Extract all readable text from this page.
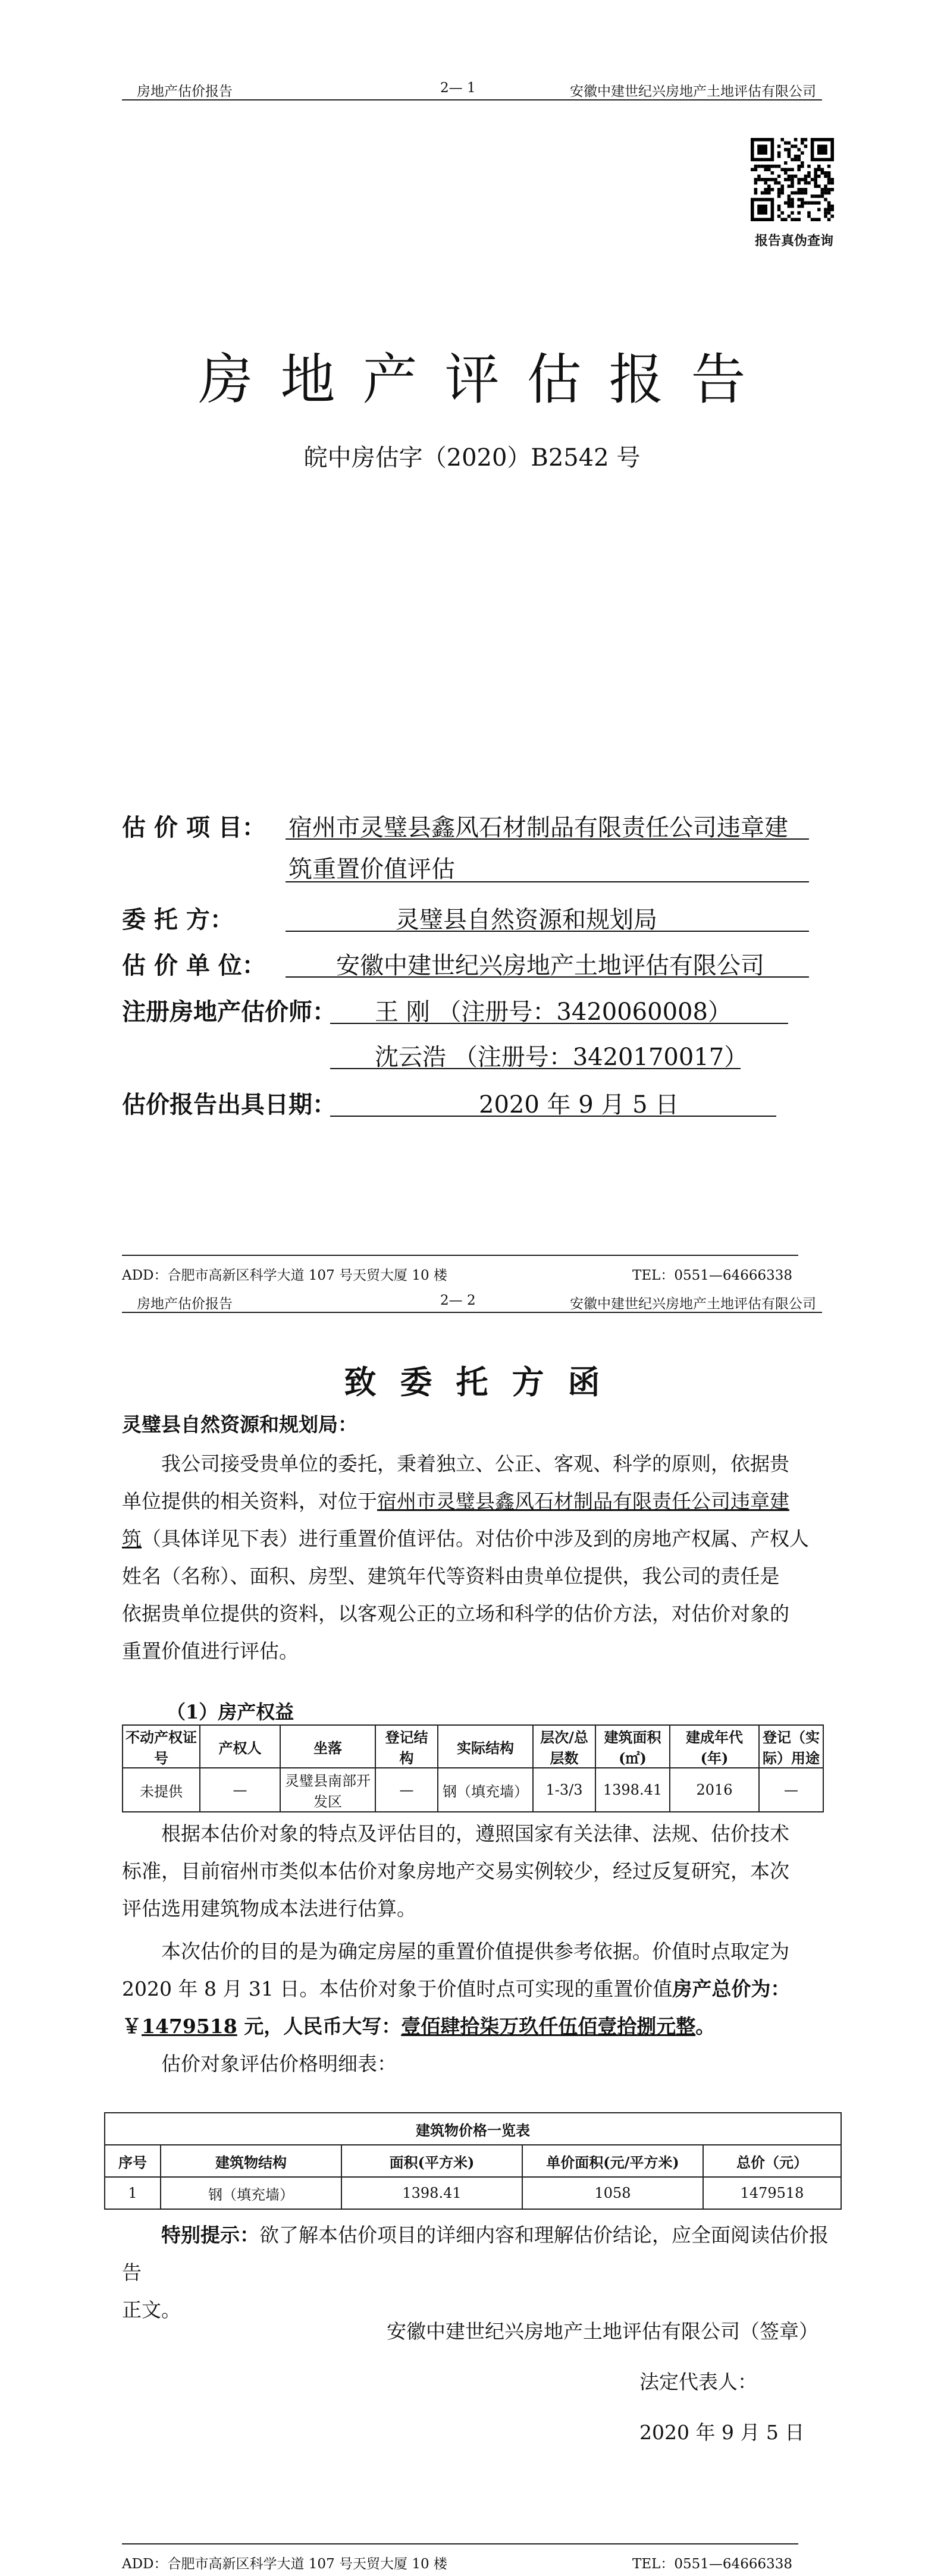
房地产估价报告	2— 1	安徽中建世纪兴房地产土地评估有限公司
报告真伪查询
房地产评估报告
皖中房估字（2020）B2542 号
估 价 项 目： 宿州市灵璧县鑫风石材制品有限责任公司违章建
筑重置价值评估
委 托 方：	灵璧县自然资源和规划局
估 价 单 位：	安徽中建世纪兴房地产土地评估有限公司
注册房地产估价师： 王 刚 （注册号：3420060008）
沈云浩 （注册号：3420170017）
估价报告出具日期：	2020 年 9 月 5 日
ADD：合肥市高新区科学大道 107 号天贸大厦 10 楼	TEL：0551—64666338
房地产估价报告	2— 2	安徽中建世纪兴房地产土地评估有限公司
致委托方函
灵璧县自然资源和规划局：
我公司接受贵单位的委托，秉着独立、公正、客观、科学的原则，依据贵
单位提供的相关资料，对位于宿州市灵璧县鑫风石材制品有限责任公司违章建
筑（具体详见下表）进行重置价值评估。对估价中涉及到的房地产权属、产权人
姓名（名称）、面积、房型、建筑年代等资料由贵单位提供，我公司的责任是
依据贵单位提供的资料，以客观公正的立场和科学的估价方法，对估价对象的
重置价值进行评估。
（1）房产权益
不动产权证号	产权人	坐落	登记结构	实际结构	层次/总层数	建筑面积(㎡)	建成年代(年)	登记（实际）用途
未提供	—	灵璧县南部开发区	—	钢（填充墙）	1-3/3	1398.41	2016	—
根据本估价对象的特点及评估目的，遵照国家有关法律、法规、估价技术
标准，目前宿州市类似本估价对象房地产交易实例较少，经过反复研究，本次
评估选用建筑物成本法进行估算。
本次估价的目的是为确定房屋的重置价值提供参考依据。价值时点取定为
2020 年 8 月 31 日。本估价对象于价值时点可实现的重置价值房产总价为：
￥1479518 元，人民币大写：壹佰肆拾柒万玖仟伍佰壹拾捌元整。
估价对象评估价格明细表：
建筑物价格一览表				
序号	建筑物结构	面积(平方米)	单价面积(元/平方米)	总价（元）
1	钢（填充墙）	1398.41	1058	1479518
特别提示：欲了解本估价项目的详细内容和理解估价结论，应全面阅读估价报告
正文。
安徽中建世纪兴房地产土地评估有限公司（签章）
法定代表人：
2020 年 9 月 5 日
ADD：合肥市高新区科学大道 107 号天贸大厦 10 楼	TEL：0551—64666338
